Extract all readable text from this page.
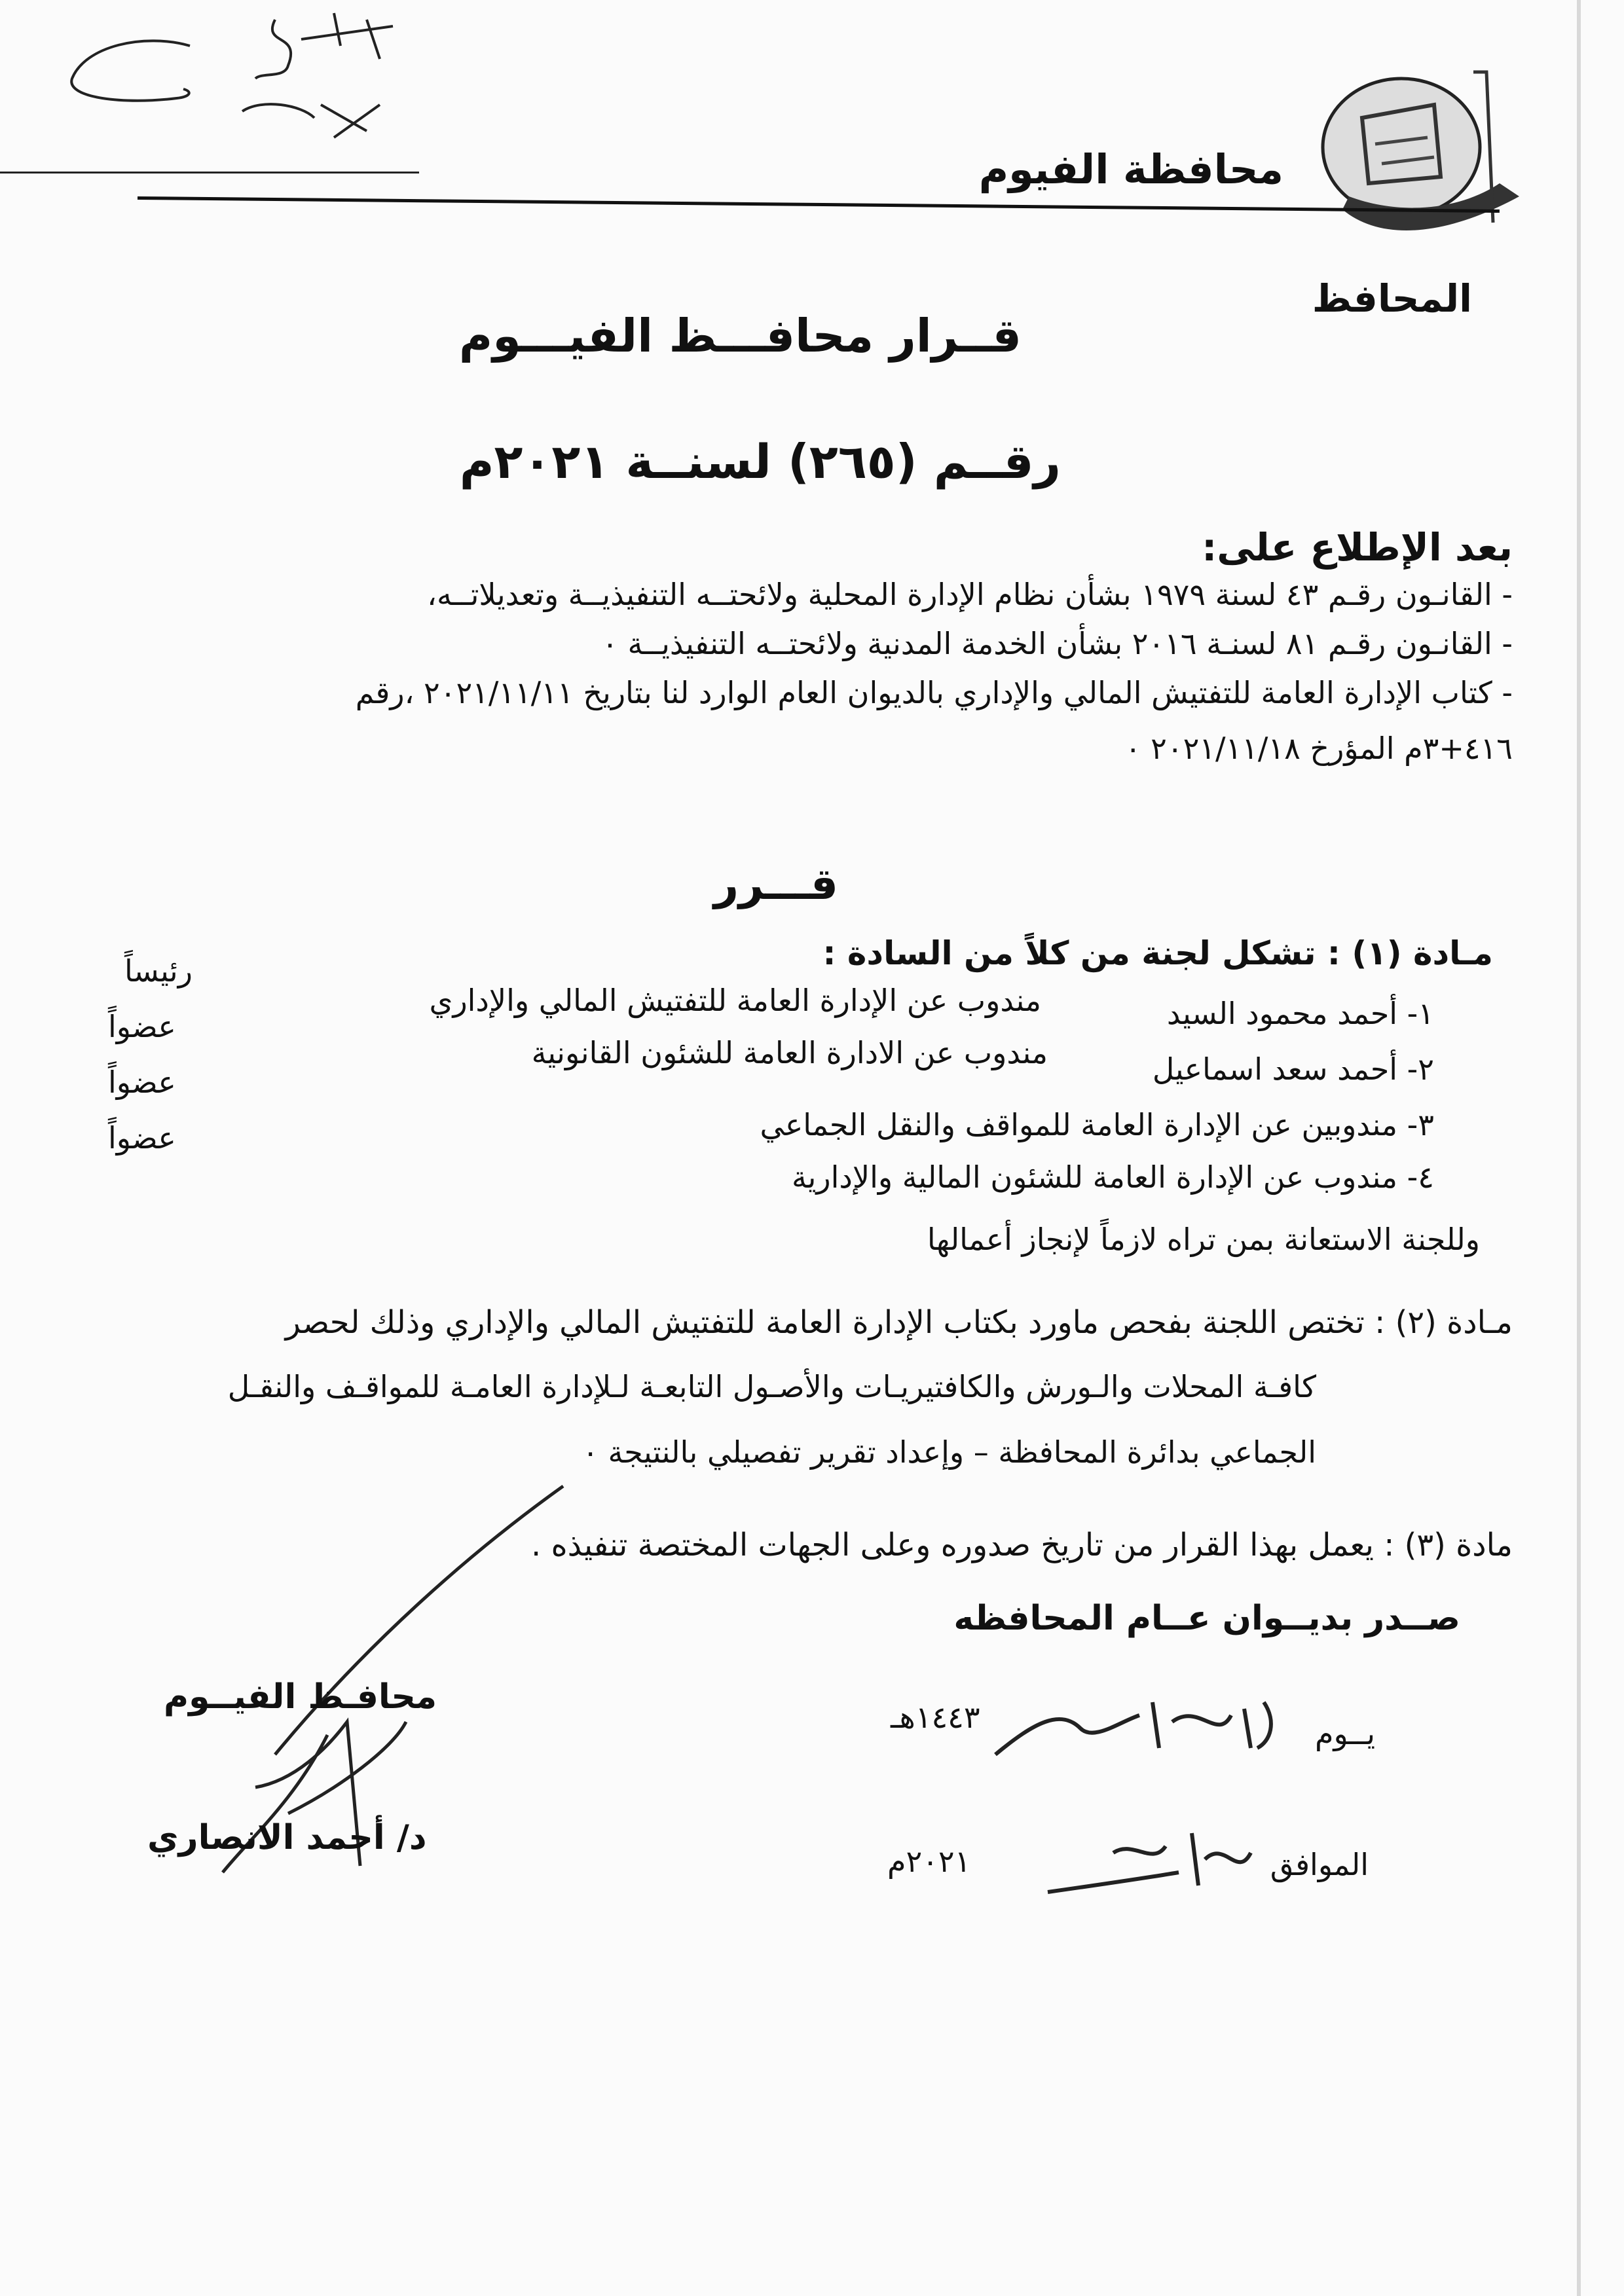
محافظة الفيوم
المحافظ
قــرار محافـــظ الفيـــوم
رقــم (٢٦٥) لسنــة ٢٠٢١م
بعد الإطلاع على:
- القانـون رقـم ٤٣ لسنة ١٩٧٩ بشأن نظام الإدارة المحلية ولائحتــه التنفيذيــة وتعديلاتــه،
- القانـون رقـم ٨١ لسنـة ٢٠١٦ بشأن الخدمة المدنية ولائحتــه التنفيذيــة ٠
- كتاب الإدارة العامة للتفتيش المالي والإداري بالديوان العام الوارد لنا بتاريخ ٢٠٢١/١١/١١ ،رقم
٤١٦+٣م المؤرخ ٢٠٢١/١١/١٨ ٠
قـــرر
مـادة (١) : تشكل لجنة من كلاً من السادة :
١- أحمد محمود السيد
مندوب عن الإدارة العامة للتفتيش المالي والإداري
رئيساً
٢- أحمد سعد اسماعيل
مندوب عن الادارة العامة للشئون القانونية
عضواً
٣- مندوبين عن الإدارة العامة للمواقف والنقل الجماعي
عضواً
٤- مندوب عن الإدارة العامة للشئون المالية والإدارية
عضواً
وللجنة الاستعانة بمن تراه لازماً لإنجاز أعمالها
مـادة (٢) : تختص اللجنة بفحص ماورد بكتاب الإدارة العامة للتفتيش المالي والإداري وذلك لحصر
كافـة المحلات والـورش والكافتيريـات والأصـول التابعـة لـلإدارة العامـة للمواقـف والنقـل
الجماعي بدائرة المحافظة – وإعداد تقرير تفصيلي بالنتيجة ٠
مادة (٣) : يعمل بهذا القرار من تاريخ صدوره وعلى الجهات المختصة تنفيذه .
صــدر بديــوان عــام المحافظه
يــوم
١٤٤٣هـ
الموافق
٢٠٢١م
محافـظ الفيــوم
د/ أحمد الانصاري
